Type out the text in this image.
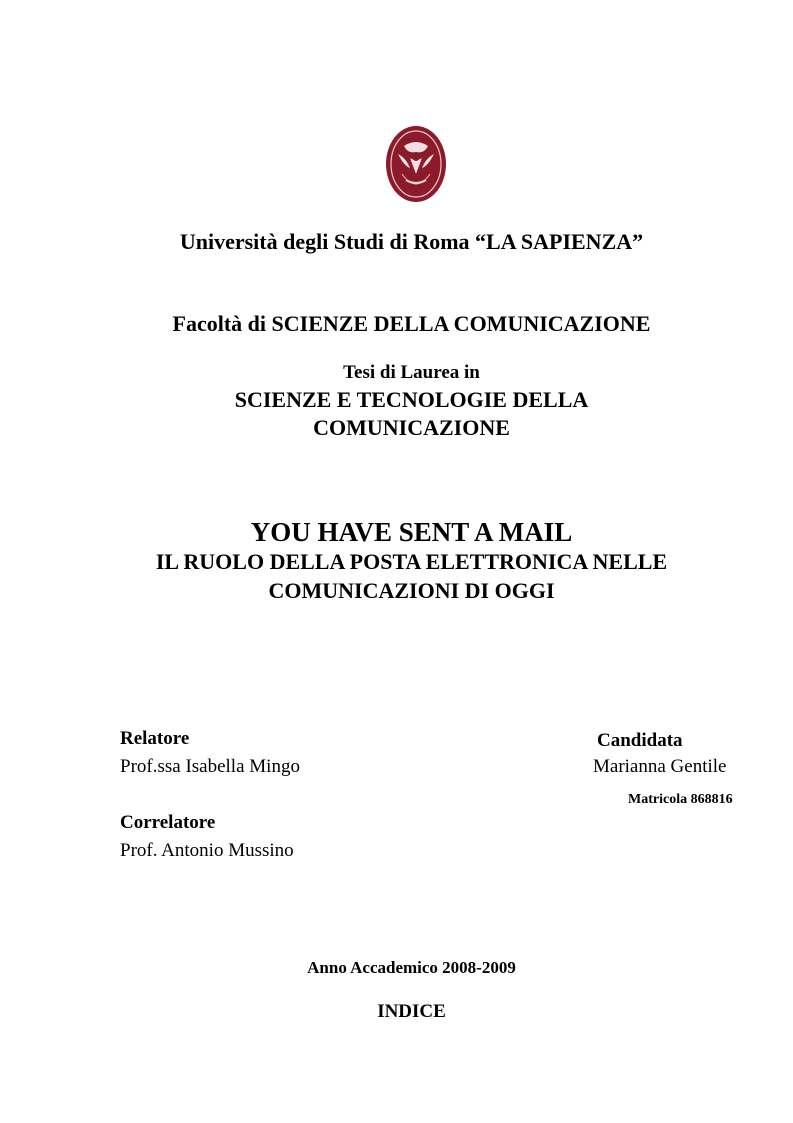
Università degli Studi di Roma “LA SAPIENZA”
Facoltà di SCIENZE DELLA COMUNICAZIONE
Tesi di Laurea in
SCIENZE E TECNOLOGIE DELLA
COMUNICAZIONE
YOU HAVE SENT A MAIL
IL RUOLO DELLA POSTA ELETTRONICA NELLE
COMUNICAZIONI DI OGGI
Relatore
Prof.ssa Isabella Mingo
Correlatore
Prof. Antonio Mussino
Candidata
Marianna Gentile
Matricola 868816
Anno Accademico 2008-2009
INDICE
